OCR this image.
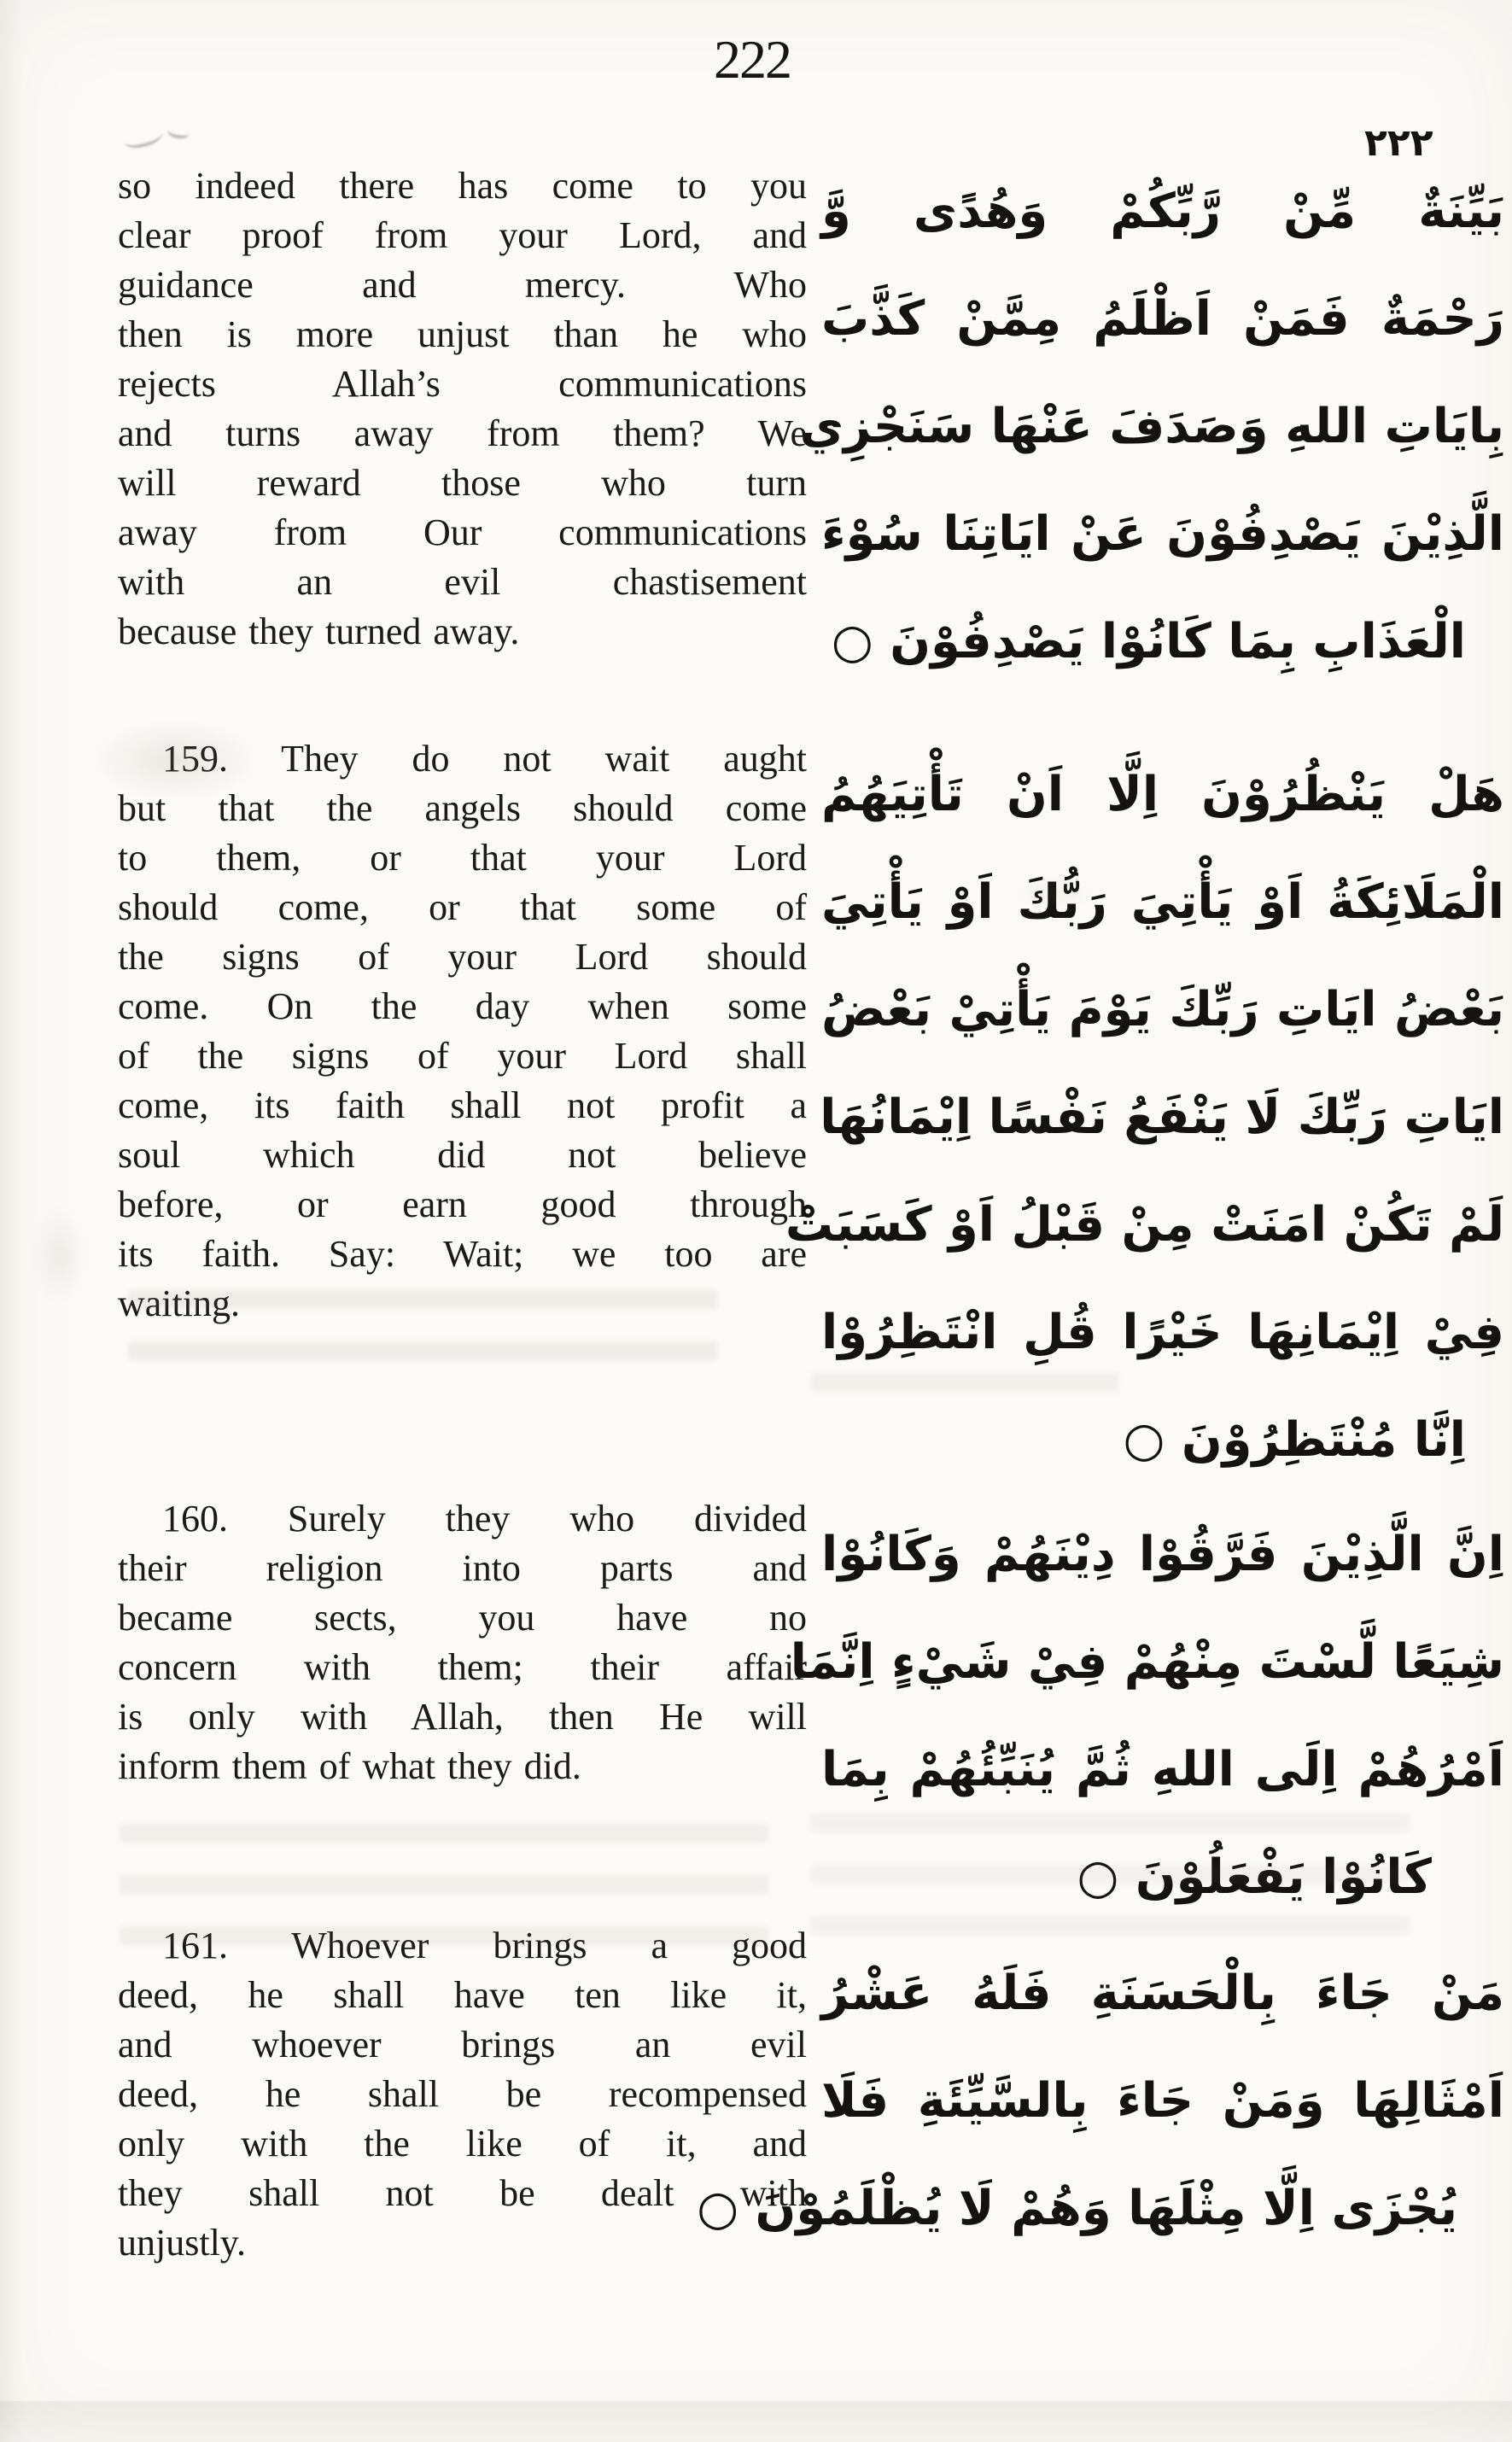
222
٢٢٢
so indeed there has come to you
clear proof from your Lord, and
guidance and mercy. Who
then is more unjust than he who
rejects Allah’s communications
and turns away from them? We
will reward those who turn
away from Our communications
with an evil chastisement
because they turned away.
159. They do not wait aught
but that the angels should come
to them, or that your Lord
should come, or that some of
the signs of your Lord should
come. On the day when some
of the signs of your Lord shall
come, its faith shall not profit a
soul which did not believe
before, or earn good through
its faith. Say: Wait; we too are
waiting.
160. Surely they who divided
their religion into parts and
became sects, you have no
concern with them; their affair
is only with Allah, then He will
inform them of what they did.
161. Whoever brings a good
deed, he shall have ten like it,
and whoever brings an evil
deed, he shall be recompensed
only with the like of it, and
they shall not be dealt with
unjustly.
بَيِّنَةٌ مِّنْ رَّبِّكُمْ وَهُدًى وَّ
رَحْمَةٌ فَمَنْ اَظْلَمُ مِمَّنْ كَذَّبَ
بِايَاتِ اللهِ وَصَدَفَ عَنْهَا سَنَجْزِي
الَّذِيْنَ يَصْدِفُوْنَ عَنْ ايَاتِنَا سُوْءَ
الْعَذَابِ بِمَا كَانُوْا يَصْدِفُوْنَ ○
هَلْ يَنْظُرُوْنَ اِلَّا اَنْ تَأْتِيَهُمُ
الْمَلَائِكَةُ اَوْ يَأْتِيَ رَبُّكَ اَوْ يَأْتِيَ
بَعْضُ ايَاتِ رَبِّكَ يَوْمَ يَأْتِيْ بَعْضُ
ايَاتِ رَبِّكَ لَا يَنْفَعُ نَفْسًا اِيْمَانُهَا
لَمْ تَكُنْ امَنَتْ مِنْ قَبْلُ اَوْ كَسَبَتْ
فِيْ اِيْمَانِهَا خَيْرًا قُلِ انْتَظِرُوْا
اِنَّا مُنْتَظِرُوْنَ ○
اِنَّ الَّذِيْنَ فَرَّقُوْا دِيْنَهُمْ وَكَانُوْا
شِيَعًا لَّسْتَ مِنْهُمْ فِيْ شَيْءٍ اِنَّمَا
اَمْرُهُمْ اِلَى اللهِ ثُمَّ يُنَبِّئُهُمْ بِمَا
كَانُوْا يَفْعَلُوْنَ ○
مَنْ جَاءَ بِالْحَسَنَةِ فَلَهُ عَشْرُ
اَمْثَالِهَا وَمَنْ جَاءَ بِالسَّيِّئَةِ فَلَا
يُجْزَى اِلَّا مِثْلَهَا وَهُمْ لَا يُظْلَمُوْنَ ○
